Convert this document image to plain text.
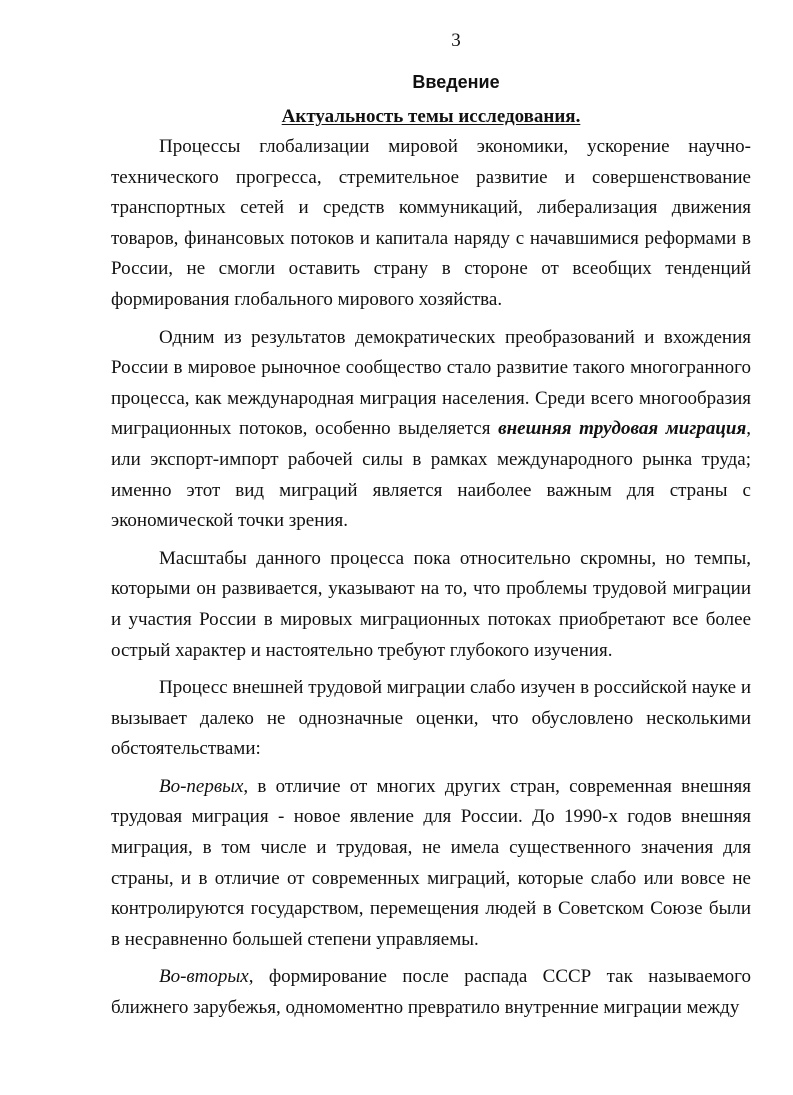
3
Введение
Актуальность темы исследования.

Процессы глобализации мировой экономики, ускорение научно-технического прогресса, стремительное развитие и совершенствование транспортных сетей и средств коммуникаций, либерализация движения товаров, финансовых потоков и капитала наряду с начавшимися реформами в России, не смогли оставить страну в стороне от всеобщих тенденций формирования глобального мирового хозяйства.

Одним из результатов демократических преобразований и вхождения России в мировое рыночное сообщество стало развитие такого многогранного процесса, как международная миграция населения. Среди всего многообразия миграционных потоков, особенно выделяется внешняя трудовая миграция, или экспорт-импорт рабочей силы в рамках международного рынка труда; именно этот вид миграций является наиболее важным для страны с экономической точки зрения.

Масштабы данного процесса пока относительно скромны, но темпы, которыми он развивается, указывают на то, что проблемы трудовой миграции и участия России в мировых миграционных потоках приобретают все более острый характер и настоятельно требуют глубокого изучения.

Процесс внешней трудовой миграции слабо изучен в российской науке и вызывает далеко не однозначные оценки, что обусловлено несколькими обстоятельствами:

Во-первых, в отличие от многих других стран, современная внешняя трудовая миграция - новое явление для России. До 1990-х годов внешняя миграция, в том числе и трудовая, не имела существенного значения для страны, и в отличие от современных миграций, которые слабо или вовсе не контролируются государством, перемещения людей в Советском Союзе были в несравненно большей степени управляемы.

Во-вторых, формирование после распада СССР так называемого ближнего зарубежья, одномоментно превратило внутренние миграции между
